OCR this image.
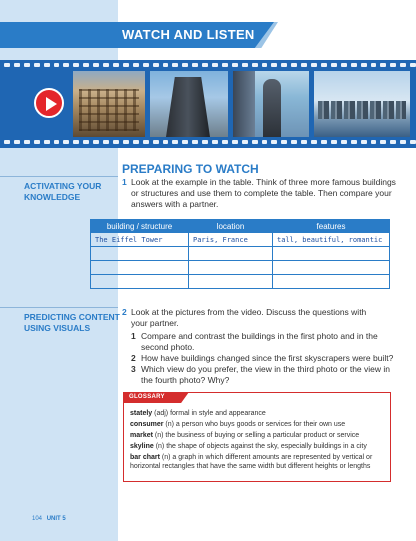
WATCH AND LISTEN
ACTIVATING YOUR
KNOWLEDGE
PREDICTING CONTENT
USING VISUALS
PREPARING TO WATCH
1 Look at the example in the table. Think of three more famous buildings
or structures and use them to complete the table. Then compare your
answers with a partner.
building / structure	location	features
The Eiffel Tower	Paris, France	tall, beautiful, romantic

2 Look at the pictures from the video. Discuss the questions with
your partner.
1 Compare and contrast the buildings in the first photo and in the
second photo.
2 How have buildings changed since the first skyscrapers were built?
3 Which view do you prefer, the view in the third photo or the view in
the fourth photo? Why?
GLOSSARY
stately (adj) formal in style and appearance
consumer (n) a person who buys goods or services for their own use
market (n) the business of buying or selling a particular product or service
skyline (n) the shape of objects against the sky, especially buildings in a city
bar chart (n) a graph in which different amounts are represented by vertical or
horizontal rectangles that have the same width but different heights or lengths
104 UNIT 5
